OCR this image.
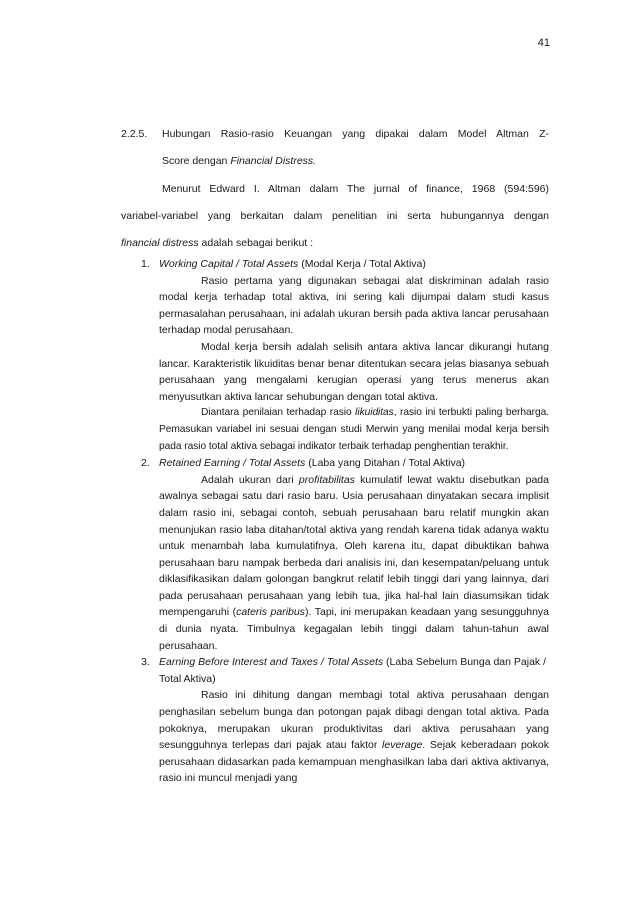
41
2.2.5. Hubungan Rasio-rasio Keuangan yang dipakai dalam Model Altman Z-
Score dengan Financial Distress.
Menurut Edward I. Altman dalam The jurnal of finance, 1968 (594:596)
variabel-variabel yang berkaitan dalam penelitian ini serta hubungannya dengan
financial distress adalah sebagai berikut :
1. Working Capital / Total Assets (Modal Kerja / Total Aktiva)

Rasio pertama yang digunakan sebagai alat diskriminan adalah rasio modal kerja terhadap total aktiva, ini sering kali dijumpai dalam studi kasus permasalahan perusahaan, ini adalah ukuran bersih pada aktiva lancar perusahaan terhadap modal perusahaan.

Modal kerja bersih adalah selisih antara aktiva lancar dikurangi hutang lancar. Karakteristik likuiditas benar benar ditentukan secara jelas biasanya sebuah perusahaan yang mengalami kerugian operasi yang terus menerus akan menyusutkan aktiva lancar sehubungan dengan total aktiva.

Diantara penilaian terhadap rasio likuiditas, rasio ini terbukti paling berharga. Pemasukan variabel ini sesuai dengan studi Merwin yang menilai modal kerja bersih pada rasio total aktiva sebagai indikator terbaik terhadap penghentian terakhir.

2. Retained Earning / Total Assets (Laba yang Ditahan / Total Aktiva)

Adalah ukuran dari profitabilitas kumulatif lewat waktu disebutkan pada awalnya sebagai satu dari rasio baru. Usia perusahaan dinyatakan secara implisit dalam rasio ini, sebagai contoh, sebuah perusahaan baru relatif mungkin akan menunjukan rasio laba ditahan/total aktiva yang rendah karena tidak adanya waktu untuk menambah laba kumulatifnya. Oleh karena itu, dapat dibuktikan bahwa perusahaan baru nampak berbeda dari analisis ini, dan kesempatan/peluang untuk diklasifikasikan dalam golongan bangkrut relatif lebih tinggi dari yang lainnya, dari pada perusahaan perusahaan yang lebih tua, jika hal-hal lain diasumsikan tidak mempengaruhi (cateris paribus). Tapi, ini merupakan keadaan yang sesungguhnya di dunia nyata. Timbulnya kegagalan lebih tinggi dalam tahun-tahun awal perusahaan.

3. Earning Before Interest and Taxes / Total Assets (Laba Sebelum Bunga dan Pajak / Total Aktiva)

Rasio ini dihitung dangan membagi total aktiva perusahaan dengan penghasilan sebelum bunga dan potongan pajak dibagi dengan total aktiva. Pada pokoknya, merupakan ukuran produktivitas dari aktiva perusahaan yang sesungguhnya terlepas dari pajak atau faktor leverage. Sejak keberadaan pokok perusahaan didasarkan pada kemampuan menghasilkan laba dari aktiva aktivanya, rasio ini muncul menjadi yang
